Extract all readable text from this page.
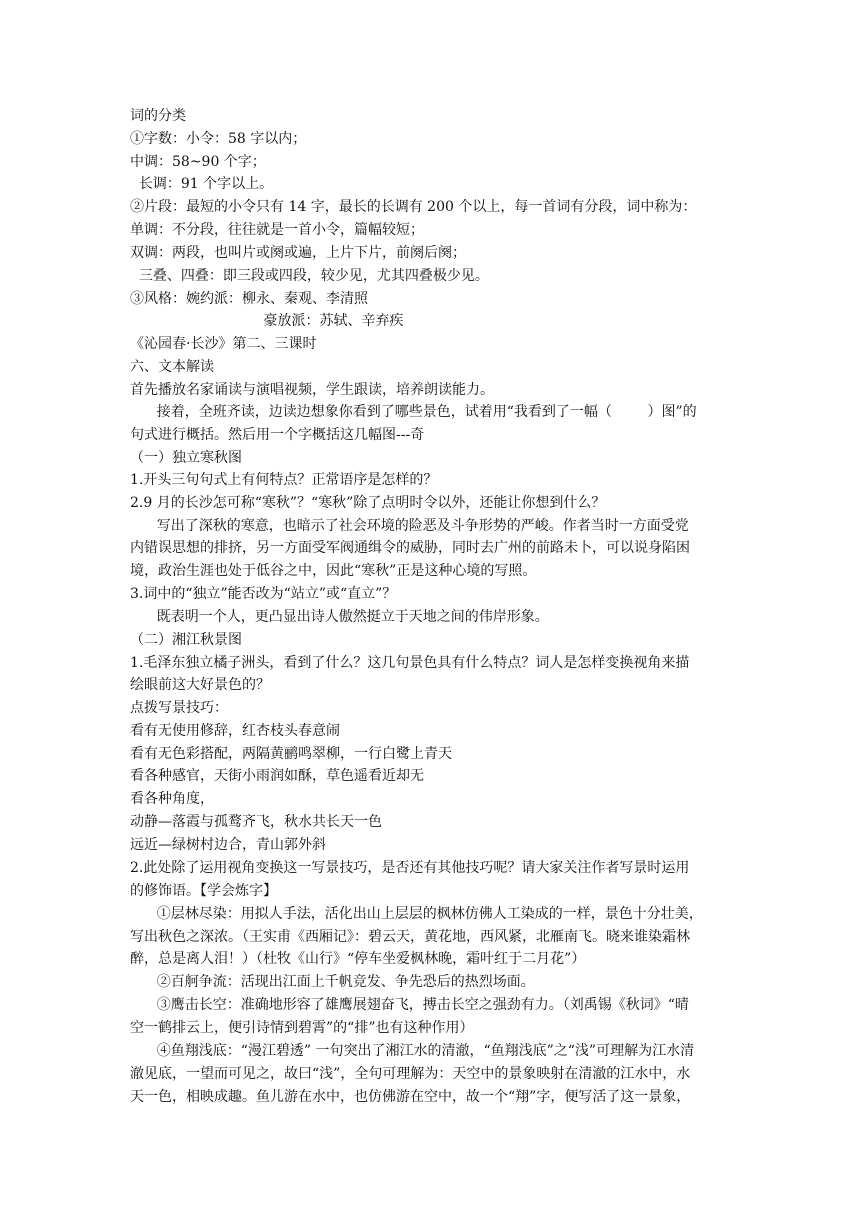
词的分类
①字数：小令：58 字以内；
中调：58~90 个字；
长调：91 个字以上。
②片段：最短的小令只有 14 字，最长的长调有 200 个以上，每一首词有分段，词中称为：
单调：不分段，往往就是一首小令，篇幅较短；
双调：两段，也叫片或阕或遍，上片下片，前阕后阕；
三叠、四叠：即三段或四段，较少见，尤其四叠极少见。
③风格：婉约派：柳永、秦观、李清照
豪放派：苏轼、辛弃疾
《沁园春·长沙》第二、三课时
六、文本解读
首先播放名家诵读与演唱视频，学生跟读，培养朗读能力。
接着，全班齐读，边读边想象你看到了哪些景色，试着用“我看到了一幅（        ）图”的
句式进行概括。然后用一个字概括这几幅图---奇
（一）独立寒秋图
1.开头三句句式上有何特点？正常语序是怎样的？
2.9 月的长沙怎可称“寒秋”？“寒秋”除了点明时令以外，还能让你想到什么？
写出了深秋的寒意，也暗示了社会环境的险恶及斗争形势的严峻。作者当时一方面受党
内错误思想的排挤，另一方面受军阀通缉令的威胁，同时去广州的前路未卜，可以说身陷困
境，政治生涯也处于低谷之中，因此“寒秋”正是这种心境的写照。
3.词中的“独立”能否改为“站立”或“直立”？
既表明一个人，更凸显出诗人傲然挺立于天地之间的伟岸形象。
（二）湘江秋景图
1.毛泽东独立橘子洲头，看到了什么？这几句景色具有什么特点？词人是怎样变换视角来描
绘眼前这大好景色的？
点拨写景技巧：
看有无使用修辞，红杏枝头春意闹
看有无色彩搭配，两隔黄鹂鸣翠柳，一行白鹭上青天
看各种感官，天街小雨润如酥，草色遥看近却无
看各种角度，
动静—落霞与孤鹜齐飞，秋水共长天一色
远近—绿树村边合，青山郭外斜
2.此处除了运用视角变换这一写景技巧，是否还有其他技巧呢？请大家关注作者写景时运用
的修饰语。【学会炼字】
①层林尽染：用拟人手法，活化出山上层层的枫林仿佛人工染成的一样，景色十分壮美，
写出秋色之深浓。（王实甫《西厢记》：碧云天，黄花地，西风紧，北雁南飞。晓来谁染霜林
醉，总是离人泪！）（杜牧《山行》“停车坐爱枫林晚，霜叶红于二月花”）
②百舸争流：活现出江面上千帆竞发、争先恐后的热烈场面。
③鹰击长空：准确地形容了雄鹰展翅奋飞，搏击长空之强劲有力。（刘禹锡《秋词》“晴
空一鹤排云上，便引诗情到碧霄”的“排”也有这种作用）
④鱼翔浅底：“漫江碧透” 一句突出了湘江水的清澈，“鱼翔浅底”之“浅”可理解为江水清
澈见底，一望而可见之，故曰“浅”，全句可理解为：天空中的景象映射在清澈的江水中，水
天一色，相映成趣。鱼儿游在水中，也仿佛游在空中，故一个“翔”字，便写活了这一景象，
